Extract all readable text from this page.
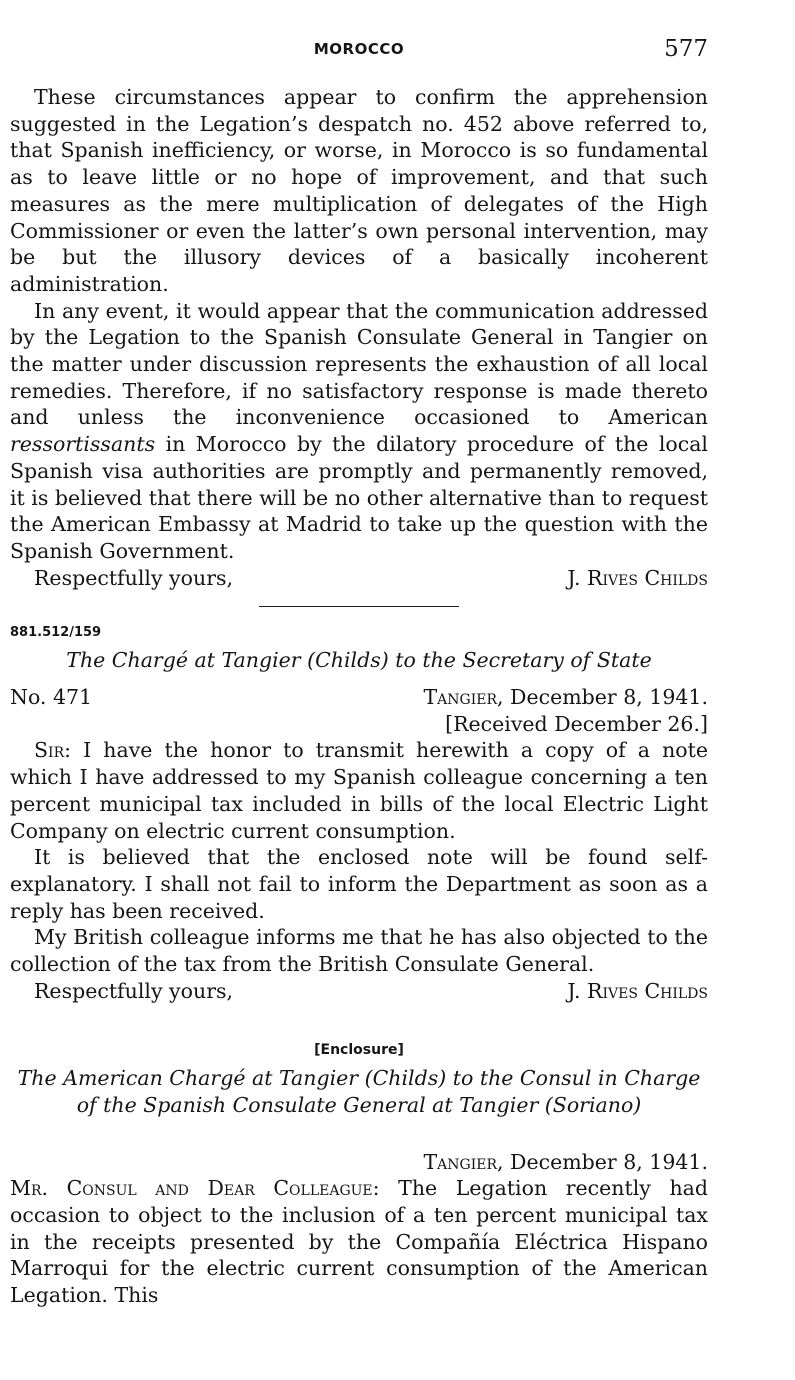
MOROCCO	577

These circumstances appear to confirm the apprehension suggested in the Legation’s despatch no. 452 above referred to, that Spanish inefficiency, or worse, in Morocco is so fundamental as to leave little or no hope of improvement, and that such measures as the mere multiplication of delegates of the High Commissioner or even the latter’s own personal intervention, may be but the illusory devices of a basically incoherent administration.

In any event, it would appear that the communication addressed by the Legation to the Spanish Consulate General in Tangier on the matter under discussion represents the exhaustion of all local remedies. Therefore, if no satisfactory response is made thereto and unless the inconvenience occasioned to American ressortissants in Morocco by the dilatory procedure of the local Spanish visa authorities are promptly and permanently removed, it is believed that there will be no other alternative than to request the American Embassy at Madrid to take up the question with the Spanish Government.

Respectfully yours,	J. Rives Childs
881.512/159
The Chargé at Tangier (Childs) to the Secretary of State
No. 471	Tangier, December 8, 1941.
[Received December 26.]

Sir: I have the honor to transmit herewith a copy of a note which I have addressed to my Spanish colleague concerning a ten percent municipal tax included in bills of the local Electric Light Company on electric current consumption.

It is believed that the enclosed note will be found self-explanatory. I shall not fail to inform the Department as soon as a reply has been received.

My British colleague informs me that he has also objected to the collection of the tax from the British Consulate General.

Respectfully yours,	J. Rives Childs
[Enclosure]
The American Chargé at Tangier (Childs) to the Consul in Charge of the Spanish Consulate General at Tangier (Soriano)
Tangier, December 8, 1941.

Mr. Consul and Dear Colleague: The Legation recently had occasion to object to the inclusion of a ten percent municipal tax in the receipts presented by the Compañía Eléctrica Hispano Marroqui for the electric current consumption of the American Legation. This
